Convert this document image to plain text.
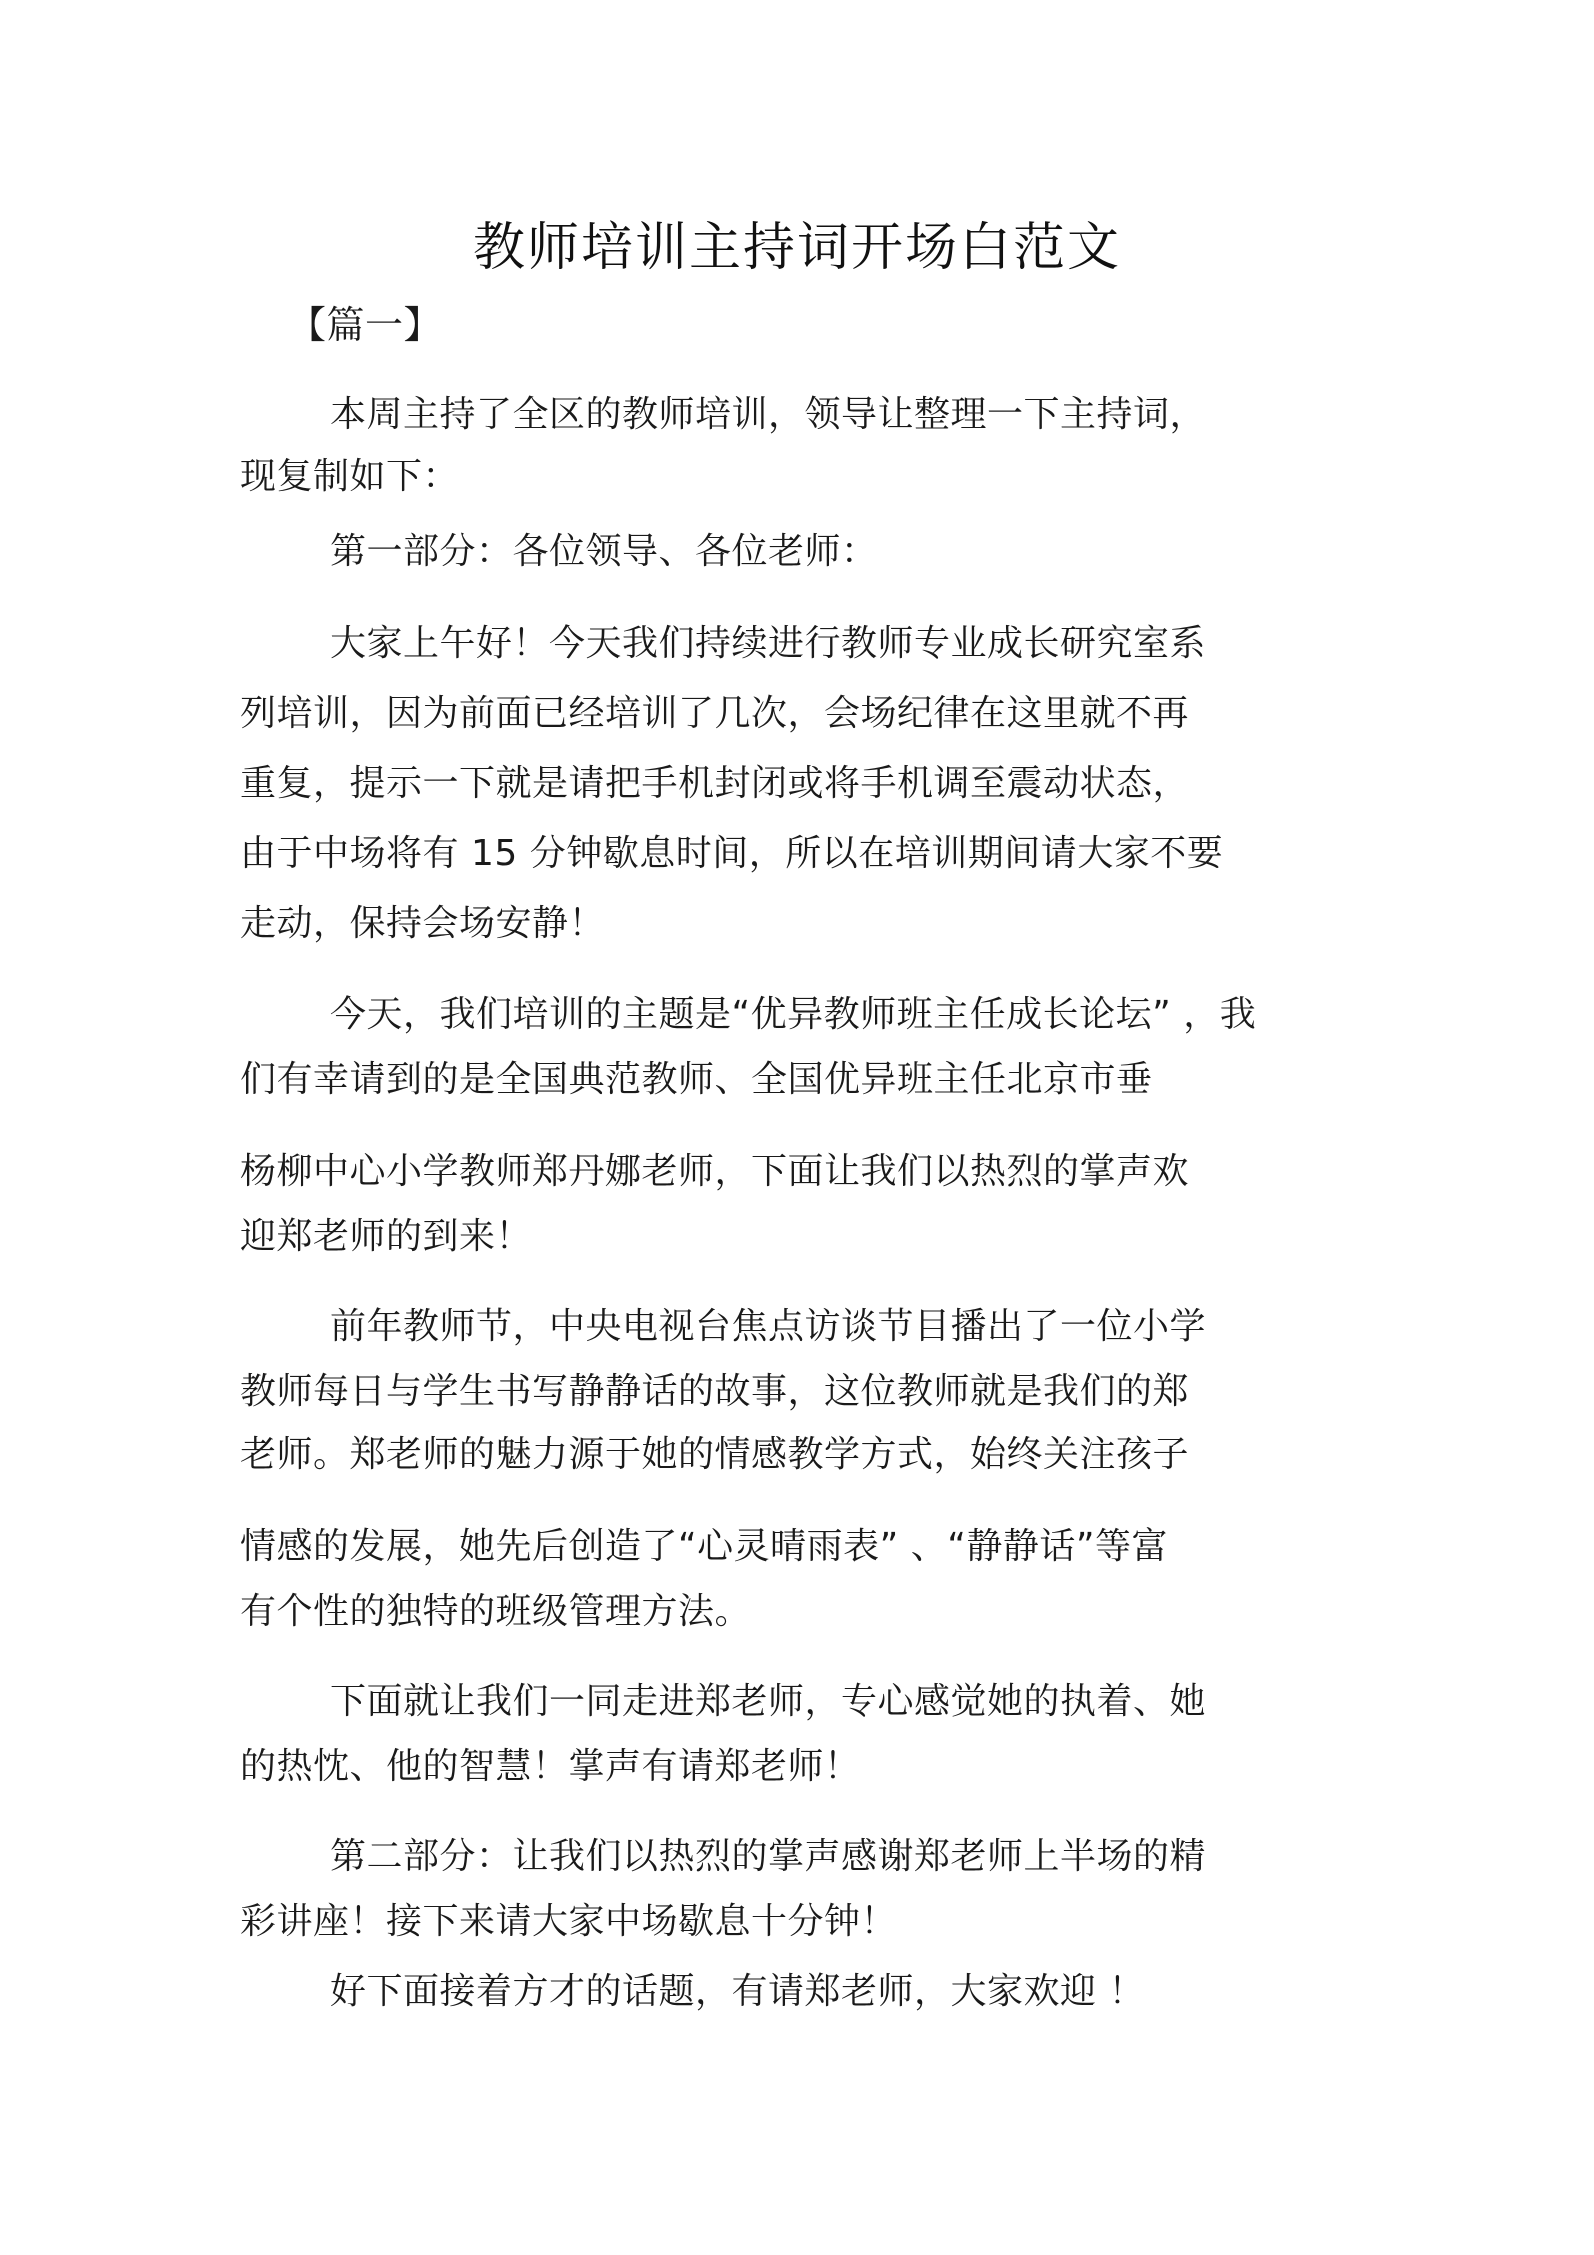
教师培训主持词开场白范文

【篇一】

本周主持了全区的教师培训，领导让整理一下主持词，

现复制如下：

第一部分：各位领导、各位老师：

大家上午好！今天我们持续进行教师专业成长研究室系

列培训，因为前面已经培训了几次，会场纪律在这里就不再

重复，提示一下就是请把手机封闭或将手机调至震动状态，

由于中场将有 15 分钟歇息时间，所以在培训期间请大家不要

走动，保持会场安静！

今天，我们培训的主题是“优异教师班主任成长论坛” ，我

们有幸请到的是全国典范教师、全国优异班主任北京市垂

杨柳中心小学教师郑丹娜老师，下面让我们以热烈的掌声欢

迎郑老师的到来！

前年教师节，中央电视台焦点访谈节目播出了一位小学

教师每日与学生书写静静话的故事，这位教师就是我们的郑

老师。郑老师的魅力源于她的情感教学方式，始终关注孩子

情感的发展，她先后创造了“心灵晴雨表” 、“静静话”等富

有个性的独特的班级管理方法。

下面就让我们一同走进郑老师，专心感觉她的执着、她

的热忱、他的智慧！掌声有请郑老师！

第二部分：让我们以热烈的掌声感谢郑老师上半场的精

彩讲座！接下来请大家中场歇息十分钟！

好下面接着方才的话题，有请郑老师，大家欢迎 ！
